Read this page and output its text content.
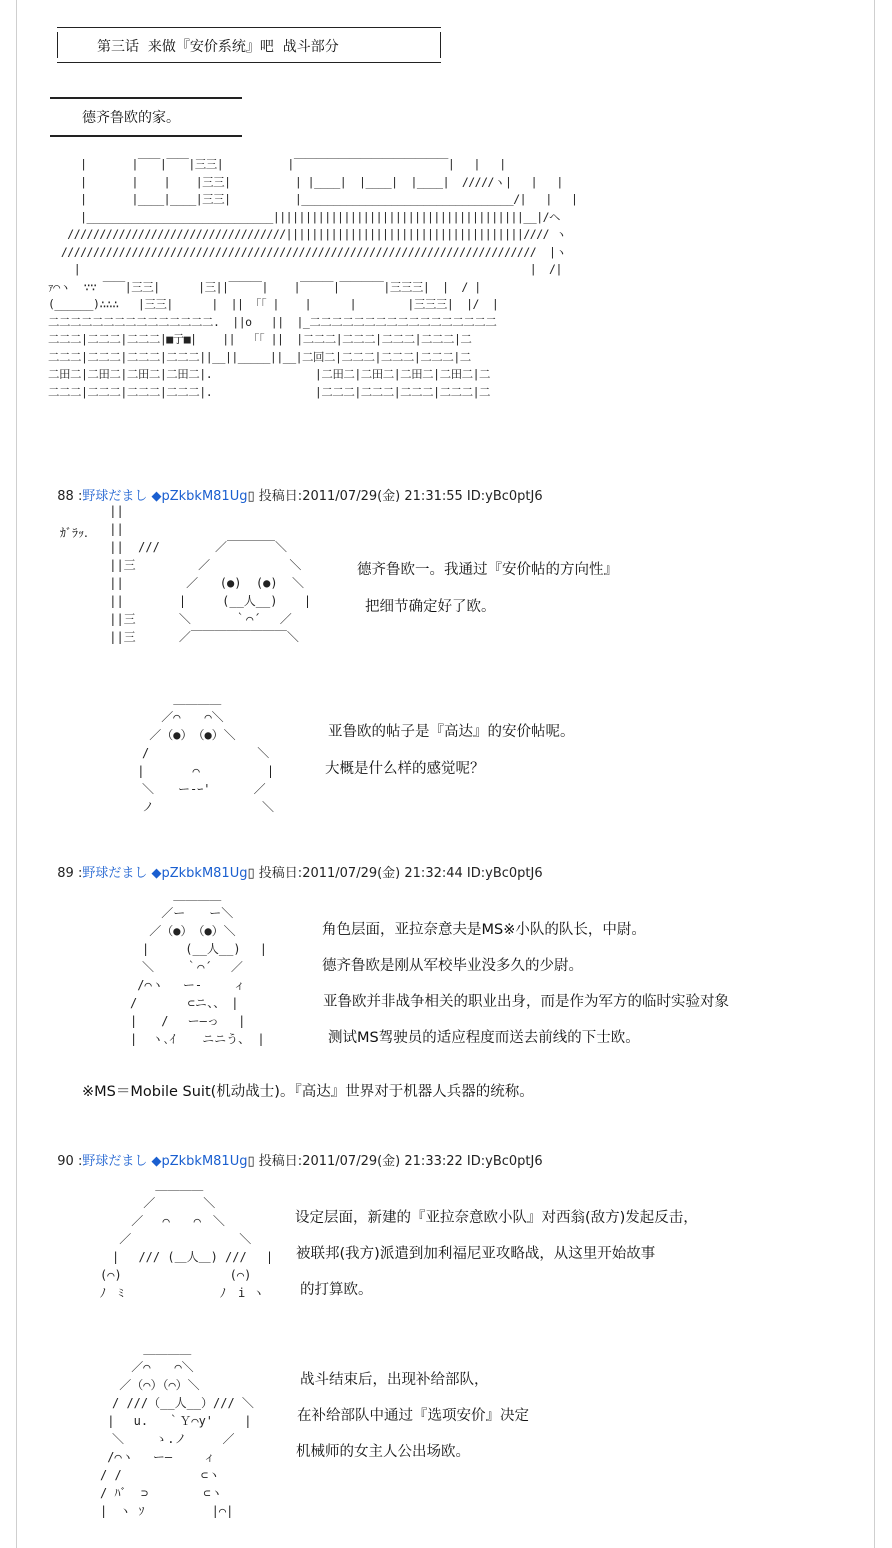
第三话  来做『安价系统』吧  战斗部分
德齐鲁欧的家。
|       |￣￣|￣￣|三三|          |￣￣￣￣￣￣￣￣￣￣￣￣￣￣|   |   |
|       |    |    |三三|          | |____|  |____|  |____|  /////ヽ|   |   |
|       |____|____|三三|          |_________________________________/|   |   |
|_____________________________|||||||||||||||||||||||||||||||||||||||__|/ヘ
//////////////////////////////////|||||||||||||||||||||||||||||||||||||//// ヽ
//////////////////////////////////////////////////////////////////////////  |ヽ
|                                                                      |  /|
ｧ⌒ヽ  ∵∵ ￣￣|三三|      |三||￣￣￣|    |￣￣￣|￣￣￣￣|三三三|  |  / |
(______)∴∴∴   |三三|      |  || 「「 |    |      |        |三三三|  |/  |
二二二二二二二二二二二二二二二.  ||o   ||  |_二二二二二二二二二二二二二二二二二
二二二|二二二|二二二|■亍■|    ||  「「 ||  |二二二|二二二|二二二|二二二|二
二二二|二二二|二二二|二二二||__||_____||__|二回二|二二二|二二二|二二二|二
二田二|二田二|二田二|二田二|.                |二田二|二田二|二田二|二田二|二
二二二|二二二|二二二|二二二|.                |二二二|二二二|二二二|二二二|二

88 :野球だまし ◆pZkbkM81Ug▯ 投稿日:2011/07/29(金) 21:31:55 ID:yBc0ptJ6

ｶﾞﾗｯ.
||
||
||  /// 　　　　／￣￣￣￣＼
||三　　　　  ／　　　　　　 ＼
||　　　　  ／   (●)  (●)  ＼
||　　　　 |　　　(__人__)　  |
||三　　　 ＼　　　 ｀⌒´　 ／
||三　　　 ／￣￣￣￣￣￣￣￣＼

德齐鲁欧一。我通过『安价帖的方向性』
把细节确定好了欧。
　　　　 ＿＿＿＿
　　　 ／⌒　　⌒＼
　　 ／（●）　（●）＼
　　/　　　　　　　　　＼
　 |　　　　⌒　　　　　 |
　　＼　　ー-ｰ'　　　 ／
　　ノ　　　　　　　　　＼

亚鲁欧的帖子是『高达』的安价帖呢。
大概是什么样的感觉呢？

89 :野球だまし ◆pZkbkM81Ug▯ 投稿日:2011/07/29(金) 21:32:44 ID:yBc0ptJ6

　　　　 ＿＿＿＿
　　　 ／ー　　ー＼
　　 ／（●）　（●）＼
　　|　　　(__人__)　 |
　　＼　　 ｀⌒´　 ／
　 /⌒ヽ　 ー-　　 ィ
　/　　　  ⊂ニ、、　|
　|　　/　 ー―っ　 |
　|  ヽ､ｲ　  ニニう、 |

角色层面，亚拉奈意夫是MS※小队的队长，中尉。
德齐鲁欧是刚从军校毕业没多久的少尉。
亚鲁欧并非战争相关的职业出身，而是作为军方的临时实验对象
测试MS驾驶员的适应程度而送去前线的下士欧。
※MS＝Mobile Suit(机动战士)。『高达』世界对于机器人兵器的统称。

90 :野球だまし ◆pZkbkM81Ug▯ 投稿日:2011/07/29(金) 21:33:22 ID:yBc0ptJ6

　　　　　 ＿＿＿＿
　　　　 ／　　　　＼
　　　 ／　 ⌒　　⌒　＼
　　 ／　　　　　　　　　＼
　　|　 /// (＿人＿) ///　 |
　(⌒)　　　　　　　　　(⌒)
　ﾉ　ﾐ　　　　　　　　ﾉ　i ヽ

设定层面，新建的『亚拉奈意欧小队』对西翁(敌方)发起反击，
被联邦(我方)派遣到加利福尼亚攻略战，从这里开始故事
的打算欧。
　　　　 ＿＿＿＿
　　　 ／⌒　　⌒＼
　　 ／（⌒）（⌒）＼
　　/ ///（__人__）/// ＼
　 |　 u.　 ｀Ｙ⌒y'　　 |
　　＼　　 ゝ.ノ　　　／
　 /⌒ヽ　 ー―　　 ィ
　/ /　　　　　　 ⊂ヽ
　/ ﾊﾞ  ⊃　　　　 ⊂ヽ
　|　ヽ ｿ　　　　　 |⌒|

战斗结束后，出现补给部队，
在补给部队中通过『选项安价』决定
机械师的女主人公出场欧。
